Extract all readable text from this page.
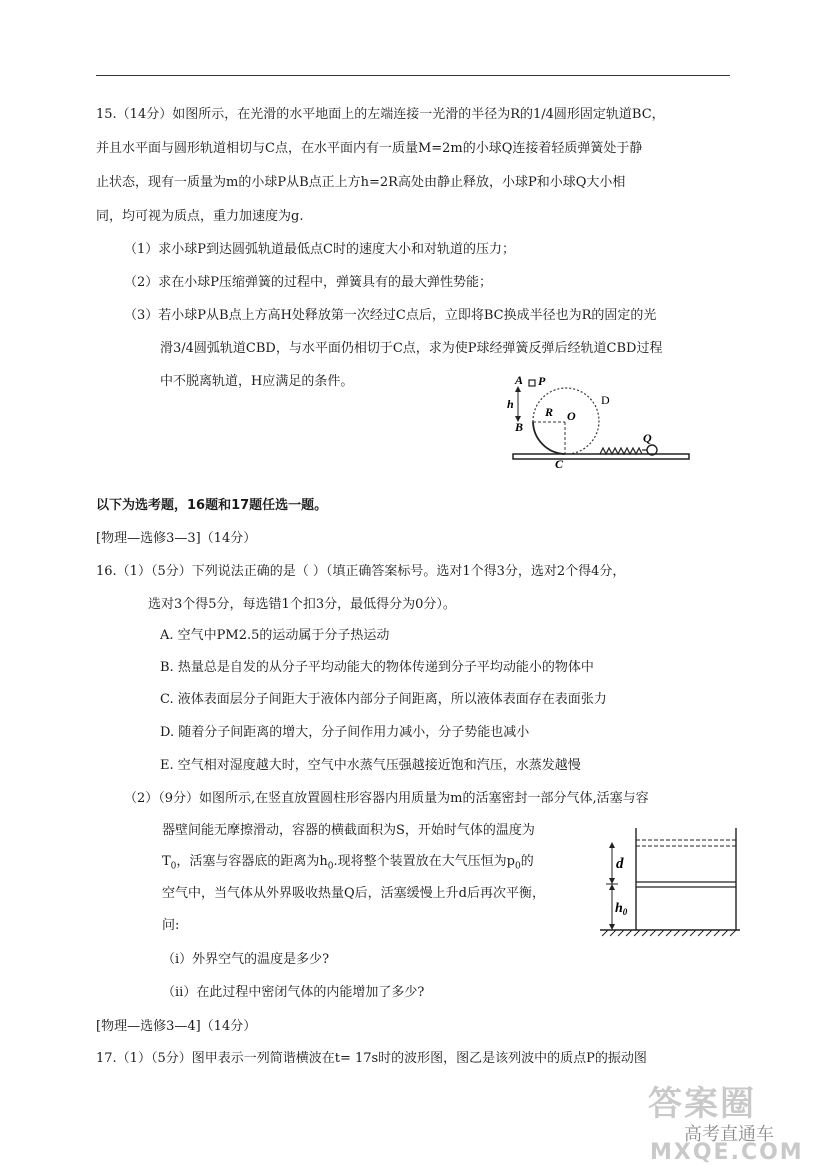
15.（14分）如图所示，在光滑的水平地面上的左端连接一光滑的半径为R的1/4圆形固定轨道BC，
并且水平面与圆形轨道相切与C点，在水平面内有一质量M=2m的小球Q连接着轻质弹簧处于静
止状态，现有一质量为m的小球P从B点正上方h=2R高处由静止释放，小球P和小球Q大小相
同，均可视为质点，重力加速度为g.
（1）求小球P到达圆弧轨道最低点C时的速度大小和对轨道的压力；
（2）求在小球P压缩弹簧的过程中，弹簧具有的最大弹性势能；
（3）若小球P从B点上方高H处释放第一次经过C点后，立即将BC换成半径也为R的固定的光
滑3/4圆弧轨道CBD，与水平面仍相切于C点，求为使P球经弹簧反弹后经轨道CBD过程
中不脱离轨道，H应满足的条件。	A P
h
R O
B
C
D
Q
以下为选考题，16题和17题任选一题。
[物理—选修3—3]（14分）
16.（1）（5分）下列说法正确的是（ ）（填正确答案标号。选对1个得3分，选对2个得4分，
选对3个得5分，每选错1个扣3分，最低得分为0分）。
A. 空气中PM2.5的运动属于分子热运动
B. 热量总是自发的从分子平均动能大的物体传递到分子平均动能小的物体中
C. 液体表面层分子间距大于液体内部分子间距离，所以液体表面存在表面张力
D. 随着分子间距离的增大，分子间作用力减小，分子势能也减小
E. 空气相对湿度越大时，空气中水蒸气压强越接近饱和汽压，水蒸发越慢
（2）（9分）如图所示,在竖直放置圆柱形容器内用质量为m的活塞密封一部分气体,活塞与容
器壁间能无摩擦滑动，容器的横截面积为S，开始时气体的温度为
$T_0$，活塞与容器底的距离为$h_0$.现将整个装置放在大气压恒为$p_0$的
空气中，当气体从外界吸收热量Q后，活塞缓慢上升d后再次平衡，
问:
（i）外界空气的温度是多少?
（ii）在此过程中密闭气体的内能增加了多少?
d
$h_0$
[物理—选修3—4]（14分）
17.（1）（5分）图甲表示一列简谐横波在t= 17s时的波形图，图乙是该列波中的质点P的振动图
答案圈
高考直通车
MXQE.COM
